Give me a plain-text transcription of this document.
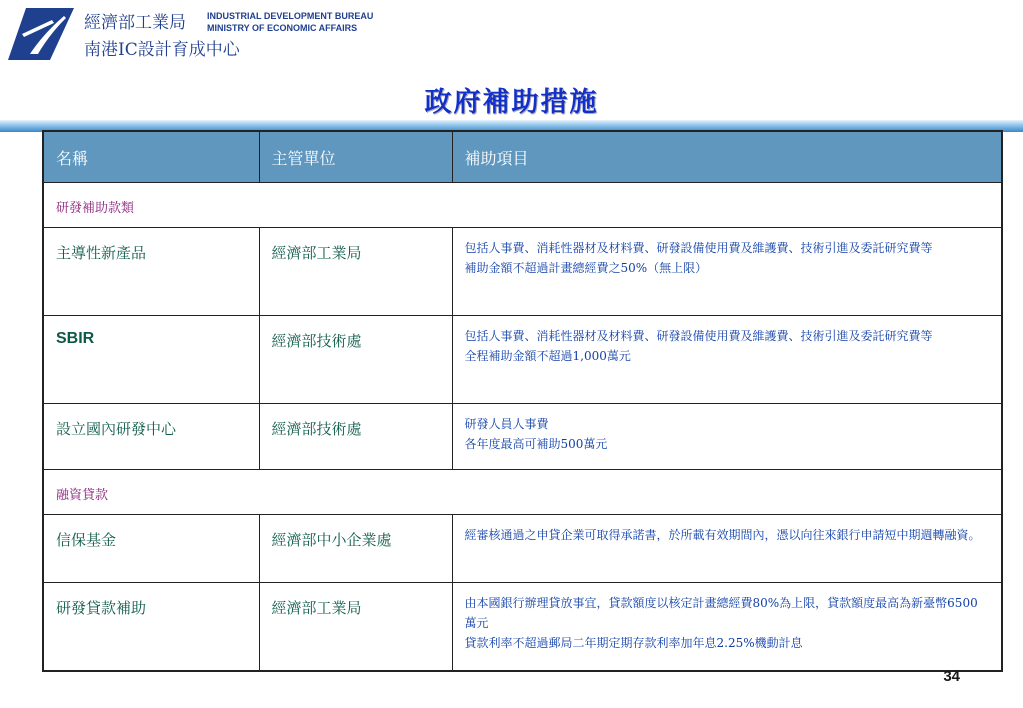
經濟部工業局 INDUSTRIAL DEVELOPMENT BUREAU
MINISTRY OF ECONOMIC AFFAIRS
南港IC設計育成中心
政府補助措施
名稱	主管單位	補助項目
研發補助款類		
主導性新產品	經濟部工業局	包括人事費、消耗性器材及材料費、研發設備使用費及維護費、技術引進及委託研究費等
補助金額不超過計畫總經費之50%（無上限）

SBIR	經濟部技術處	包括人事費、消耗性器材及材料費、研發設備使用費及維護費、技術引進及委託研究費等
全程補助金額不超過1,000萬元

設立國內研發中心	經濟部技術處	研發人員人事費
各年度最高可補助500萬元

融資貸款		
信保基金	經濟部中小企業處	經審核通過之申貸企業可取得承諾書，於所載有效期間內，憑以向往來銀行申請短中期週轉融資。

研發貸款補助	經濟部工業局	由本國銀行辦理貸放事宜，貸款額度以核定計畫總經費80%為上限，貸款額度最高為新臺幣6500萬元
貸款利率不超過郵局二年期定期存款利率加年息2.25%機動計息
34
